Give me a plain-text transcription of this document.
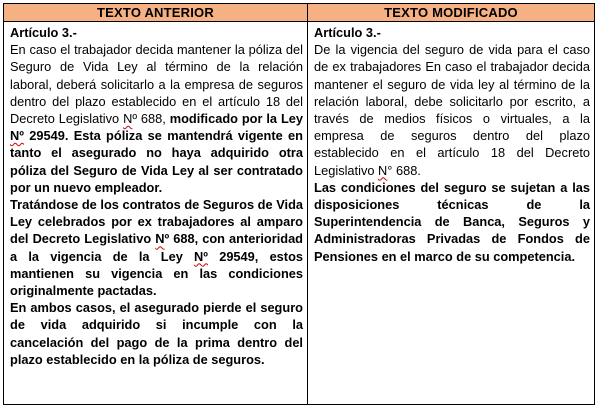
TEXTO ANTERIOR	TEXTO MODIFICADO

Artículo 3.-

En caso el trabajador decida mantener la póliza del Seguro de Vida Ley al término de la relación laboral, deberá solicitarlo a la empresa de seguros dentro del plazo establecido en el artículo 18 del Decreto Legislativo Nº 688, modificado por la Ley Nº 29549. Esta póliza se mantendrá vigente en tanto el asegurado no haya adquirido otra póliza del Seguro de Vida Ley al ser contratado por un nuevo empleador.

Tratándose de los contratos de Seguros de Vida Ley celebrados por ex trabajadores al amparo del Decreto Legislativo Nº 688, con anterioridad a la vigencia de la Ley Nº 29549, estos mantienen su vigencia en las condiciones originalmente pactadas.

En ambos casos, el asegurado pierde el seguro de vida adquirido si incumple con la cancelación del pago de la prima dentro del plazo establecido en la póliza de seguros.

Artículo 3.-

De la vigencia del seguro de vida para el caso de ex trabajadores En caso el trabajador decida mantener el seguro de vida ley al término de la relación laboral, debe solicitarlo por escrito, a través de medios físicos o virtuales, a la empresa de seguros dentro del plazo establecido en el artículo 18 del Decreto Legislativo N° 688.

Las condiciones del seguro se sujetan a las disposiciones técnicas de la Superintendencia de Banca, Seguros y Administradoras Privadas de Fondos de Pensiones en el marco de su competencia.
